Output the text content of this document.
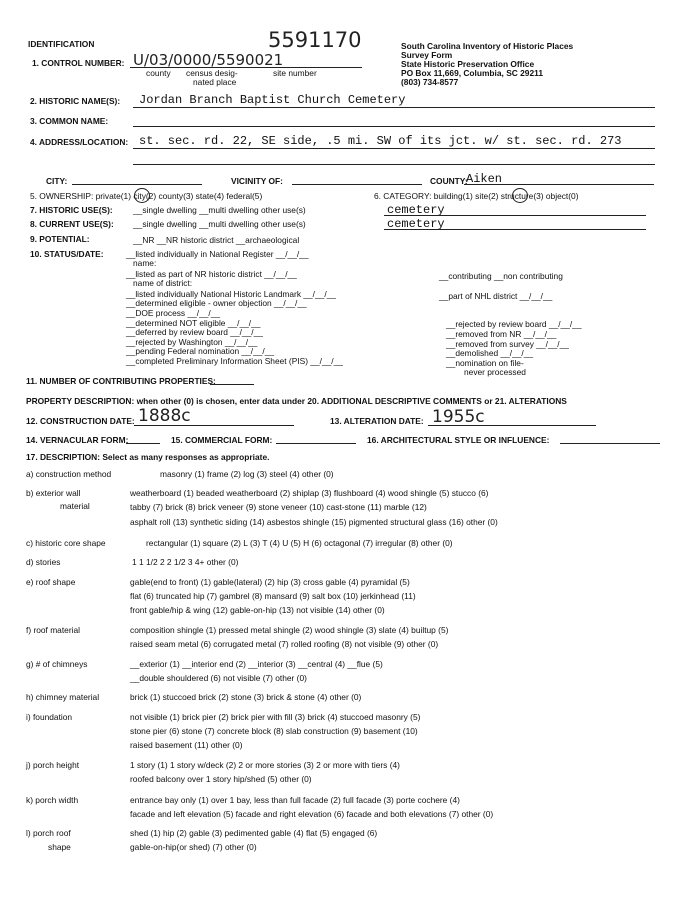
5591170
IDENTIFICATION	South Carolina Inventory of Historic Places
Survey Form
State Historic Preservation Office
PO Box 11,669, Columbia, SC 29211
(803) 734-8577
1. CONTROL NUMBER: U/03/0000/5590021
county census desig-
nated place
site number
2. HISTORIC NAME(S): Jordan Branch Baptist Church Cemetery
3. COMMON NAME:
4. ADDRESS/LOCATION: st. sec. rd. 22, SE side, .5 mi. SW of its jct. w/ st. sec. rd. 273
CITY:	VICINITY OF:	COUNTY:
Aiken
5. OWNERSHIP: private(1) city(2) county(3) state(4) federal(5)	6. CATEGORY: building(1) site(2) structure(3) object(0)
7. HISTORIC USE(S): __single dwelling __multi dwelling other use(s)	cemetery
8. CURRENT USE(S): __single dwelling __multi dwelling other use(s)	cemetery
9. POTENTIAL:	__NR __NR historic district __archaeological
10. STATUS/DATE:	__listed individually in National Register __/__/__
name:
__listed as part of NR historic district __/__/__
name of district:
__listed individually National Historic Landmark __/__/__
__determined eligible - owner objection __/__/__
__DOE process __/__/__
__determined NOT eligible __/__/__
__deferred by review board __/__/__
__rejected by Washington __/__/__
__pending Federal nomination __/__/__
__completed Preliminary Information Sheet (PIS) __/__/__
__contributing __non contributing
__part of NHL district __/__/__
__rejected by review board __/__/__
__removed from NR __/__/__
__removed from survey __/__/__
__demolished __/__/__
__nomination on file-
never processed
11. NUMBER OF CONTRIBUTING PROPERTIES:
PROPERTY DESCRIPTION: when other (0) is chosen, enter data under 20. ADDITIONAL DESCRIPTIVE COMMENTS or 21. ALTERATIONS
12. CONSTRUCTION DATE: 1888c	13. ALTERATION DATE: 1955c
14. VERNACULAR FORM:	15. COMMERCIAL FORM:	16. ARCHITECTURAL STYLE OR INFLUENCE:
17. DESCRIPTION: Select as many responses as appropriate.
a) construction method	masonry (1) frame (2) log (3) steel (4) other (0)
b) exterior wall
material
weatherboard (1) beaded weatherboard (2) shiplap (3) flushboard (4) wood shingle (5) stucco (6)
tabby (7) brick (8) brick veneer (9) stone veneer (10) cast-stone (11) marble (12)
asphalt roll (13) synthetic siding (14) asbestos shingle (15) pigmented structural glass (16) other (0)
c) historic core shape	rectangular (1) square (2) L (3) T (4) U (5) H (6) octagonal (7) irregular (8) other (0)
d) stories	1 1 1/2 2 2 1/2 3 4+ other (0)
e) roof shape	gable(end to front) (1) gable(lateral) (2) hip (3) cross gable (4) pyramidal (5)
flat (6) truncated hip (7) gambrel (8) mansard (9) salt box (10) jerkinhead (11)
front gable/hip & wing (12) gable-on-hip (13) not visible (14) other (0)
f) roof material	composition shingle (1) pressed metal shingle (2) wood shingle (3) slate (4) builtup (5)
raised seam metal (6) corrugated metal (7) rolled roofing (8) not visible (9) other (0)
g) # of chimneys	__exterior (1) __interior end (2) __interior (3) __central (4) __flue (5)
__double shouldered (6) not visible (7) other (0)
h) chimney material	brick (1) stuccoed brick (2) stone (3) brick & stone (4) other (0)
i) foundation	not visible (1) brick pier (2) brick pier with fill (3) brick (4) stuccoed masonry (5)
stone pier (6) stone (7) concrete block (8) slab construction (9) basement (10)
raised basement (11) other (0)
j) porch height	1 story (1) 1 story w/deck (2) 2 or more stories (3) 2 or more with tiers (4)
roofed balcony over 1 story hip/shed (5) other (0)
k) porch width	entrance bay only (1) over 1 bay, less than full facade (2) full facade (3) porte cochere (4)
facade and left elevation (5) facade and right elevation (6) facade and both elevations (7) other (0)
l) porch roof
shape
shed (1) hip (2) gable (3) pedimented gable (4) flat (5) engaged (6)
gable-on-hip(or shed) (7) other (0)
